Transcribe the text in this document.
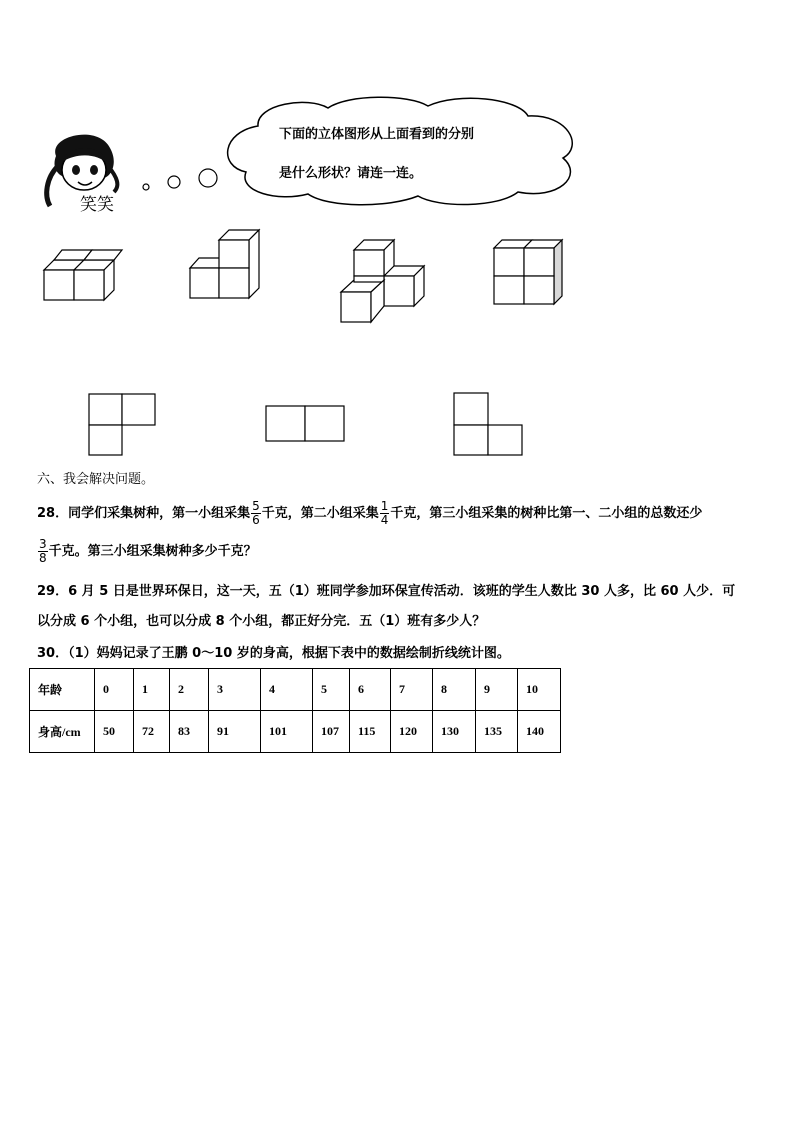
笑笑
下面的立体图形从上面看到的分别
是什么形状？请连一连。
六、我会解决问题。
28．同学们采集树种，第一小组采集 $\frac{5}{6}$ 千克，第二小组采集 $\frac{1}{4}$ 千克，第三小组采集的树种比第一、二小组的总数还少
$\frac{3}{8}$ 千克。第三小组采集树种多少千克？
29．6 月 5 日是世界环保日，这一天，五（1）班同学参加环保宣传活动．该班的学生人数比 30 人多，比 60 人少．可
以分成 6 个小组，也可以分成 8 个小组，都正好分完．五（1）班有多少人？
30．（1）妈妈记录了王鹏 0～10 岁的身高，根据下表中的数据绘制折线统计图。
年龄	0	1	2	3	4	5	6	7	8	9	10
身高/cm	50	72	83	91	101	107	115	120	130	135	140
